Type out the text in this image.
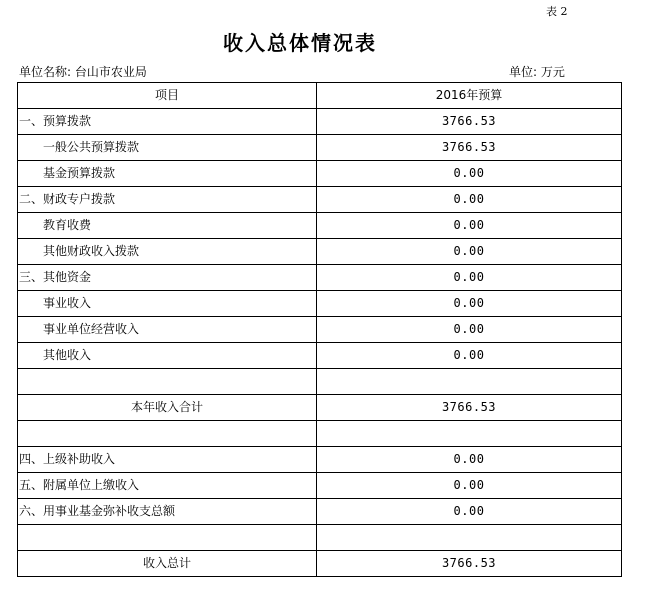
表 2
收入总体情况表
单位名称: 台山市农业局	单位: 万元
项目	2016年预算
一、预算拨款	3766.53
一般公共预算拨款	3766.53
基金预算拨款	0.00
二、财政专户拨款	0.00
教育收费	0.00
其他财政收入拨款	0.00
三、其他资金	0.00
事业收入	0.00
事业单位经营收入	0.00
其他收入	0.00

本年收入合计	3766.53

四、上级补助收入	0.00
五、附属单位上缴收入	0.00
六、用事业基金弥补收支总额	0.00

收入总计	3766.53
